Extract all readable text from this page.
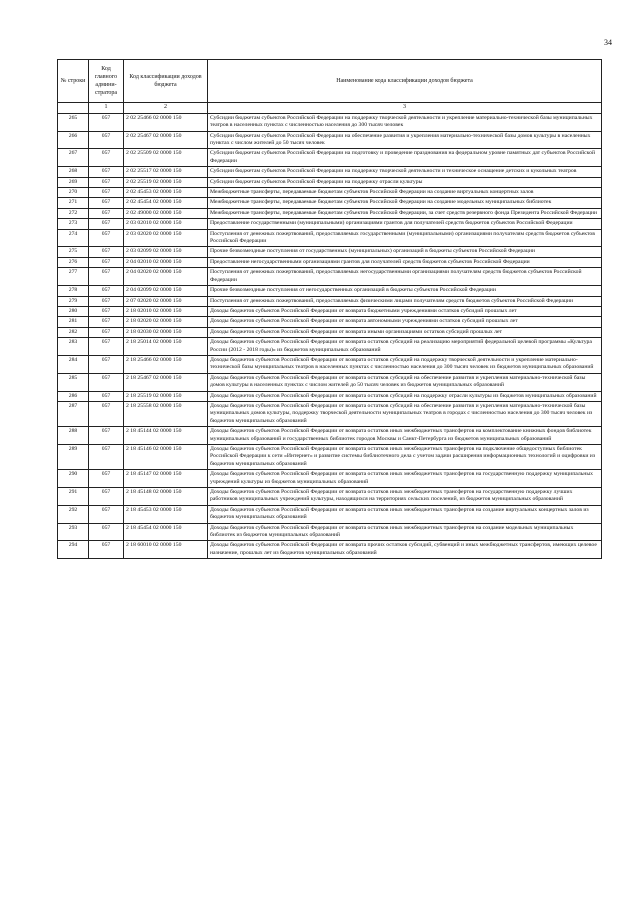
34
№ строки	Код главного админи-стратора	Код классификации доходов бюджета	Наименование кода классификации доходов бюджета
	1	2	3
265	057	2 02 25466 02 0000 150	Субсидии бюджетам субъектов Российской Федерации на поддержку творческой деятельности и укрепление материально-технической базы муниципальных театров в населенных пунктах с численностью населения до 300 тысяч человек
266	057	2 02 25467 02 0000 150	Субсидии бюджетам субъектов Российской Федерации на обеспечение развития и укрепления материально-технической базы домов культуры в населенных пунктах с числом жителей до 50 тысяч человек
267	057	2 02 25509 02 0000 150	Субсидии бюджетам субъектов Российской Федерации на подготовку и проведение празднования на федеральном уровне памятных дат субъектов Российской Федерации
268	057	2 02 25517 02 0000 150	Субсидии бюджетам субъектов Российской Федерации на поддержку творческой деятельности и техническое оснащение детских и кукольных театров
269	057	2 02 25519 02 0000 150	Субсидии бюджетам субъектов Российской Федерации на поддержку отрасли культуры
270	057	2 02 45453 02 0000 150	Межбюджетные трансферты, передаваемые бюджетам субъектов Российской Федерации на создание виртуальных концертных залов
271	057	2 02 45454 02 0000 150	Межбюджетные трансферты, передаваемые бюджетам субъектов Российской Федерации на создание модельных муниципальных библиотек
272	057	2 02 49000 02 0000 150	Межбюджетные трансферты, передаваемые бюджетам субъектов Российской Федерации, за счет средств резервного фонда Президента Российской Федерации
273	057	2 03 02010 02 0000 150	Предоставление государственными (муниципальными) организациями грантов для получателей средств бюджетов субъектов Российской Федерации
274	057	2 03 02020 02 0000 150	Поступления от денежных пожертвований, предоставляемых государственными (муниципальными) организациями получателям средств бюджетов субъектов Российской Федерации
275	057	2 03 02099 02 0000 150	Прочие безвозмездные поступления от государственных (муниципальных) организаций в бюджеты субъектов Российской Федерации
276	057	2 04 02010 02 0000 150	Предоставление негосударственными организациями грантов для получателей средств бюджетов субъектов Российской Федерации
277	057	2 04 02020 02 0000 150	Поступления от денежных пожертвований, предоставляемых негосударственными организациями получателям средств бюджетов субъектов Российской Федерации
278	057	2 04 02099 02 0000 150	Прочие безвозмездные поступления от негосударственных организаций в бюджеты субъектов Российской Федерации
279	057	2 07 02020 02 0000 150	Поступления от денежных пожертвований, предоставляемых физическими лицами получателям средств бюджетов субъектов Российской Федерации
280	057	2 18 02010 02 0000 150	Доходы бюджетов субъектов Российской Федерации от возврата бюджетными учреждениями остатков субсидий прошлых лет
281	057	2 18 02020 02 0000 150	Доходы бюджетов субъектов Российской Федерации от возврата автономными учреждениями остатков субсидий прошлых лет
282	057	2 18 02030 02 0000 150	Доходы бюджетов субъектов Российской Федерации от возврата иными организациями остатков субсидий прошлых лет
283	057	2 18 25014 02 0000 150	Доходы бюджетов субъектов Российской Федерации от возврата остатков субсидий на реализацию мероприятий федеральной целевой программы «Культура России (2012 - 2018 годы)» из бюджетов муниципальных образований
284	057	2 18 25466 02 0000 150	Доходы бюджетов субъектов Российской Федерации от возврата остатков субсидий на поддержку творческой деятельности и укрепление материально-технической базы муниципальных театров в населенных пунктах с численностью населения до 300 тысяч человек из бюджетов муниципальных образований
285	057	2 18 25467 02 0000 150	Доходы бюджетов субъектов Российской Федерации от возврата остатков субсидий на обеспечение развития и укрепления материально-технической базы домов культуры в населенных пунктах с числом жителей до 50 тысяч человек из бюджетов муниципальных образований
286	057	2 18 25519 02 0000 150	Доходы бюджетов субъектов Российской Федерации от возврата остатков субсидий на поддержку отрасли культуры из бюджетов муниципальных образований
287	057	2 18 25558 02 0000 150	Доходы бюджетов субъектов Российской Федерации от возврата остатков субсидий на обеспечение развития и укрепления материально-технической базы муниципальных домов культуры, поддержку творческой деятельности муниципальных театров в городах с численностью населения до 300 тысяч человек из бюджетов муниципальных образований
288	057	2 18 45144 02 0000 150	Доходы бюджетов субъектов Российской Федерации от возврата остатков иных межбюджетных трансфертов на комплектование книжных фондов библиотек муниципальных образований и государственных библиотек городов Москвы и Санкт-Петербурга из бюджетов муниципальных образований
289	057	2 18 45146 02 0000 150	Доходы бюджетов субъектов Российской Федерации от возврата остатков иных межбюджетных трансфертов на подключение общедоступных библиотек Российской Федерации к сети «Интернет» и развитие системы библиотечного дела с учетом задачи расширения информационных технологий и оцифровки из бюджетов муниципальных образований
290	057	2 18 45147 02 0000 150	Доходы бюджетов субъектов Российской Федерации от возврата остатков иных межбюджетных трансфертов на государственную поддержку муниципальных учреждений культуры из бюджетов муниципальных образований
291	057	2 18 45148 02 0000 150	Доходы бюджетов субъектов Российской Федерации от возврата остатков иных межбюджетных трансфертов на государственную поддержку лучших работников муниципальных учреждений культуры, находящихся на территориях сельских поселений, из бюджетов муниципальных образований
292	057	2 18 45453 02 0000 150	Доходы бюджетов субъектов Российской Федерации от возврата остатков иных межбюджетных трансфертов на создание виртуальных концертных залов из бюджетов муниципальных образований
293	057	2 18 45454 02 0000 150	Доходы бюджетов субъектов Российской Федерации от возврата остатков иных межбюджетных трансфертов на создание модельных муниципальных библиотек из бюджетов муниципальных образований
294	057	2 18 60010 02 0000 150	Доходы бюджетов субъектов Российской Федерации от возврата прочих остатков субсидий, субвенций и иных межбюджетных трансфертов, имеющих целевое назначение, прошлых лет из бюджетов муниципальных образований
